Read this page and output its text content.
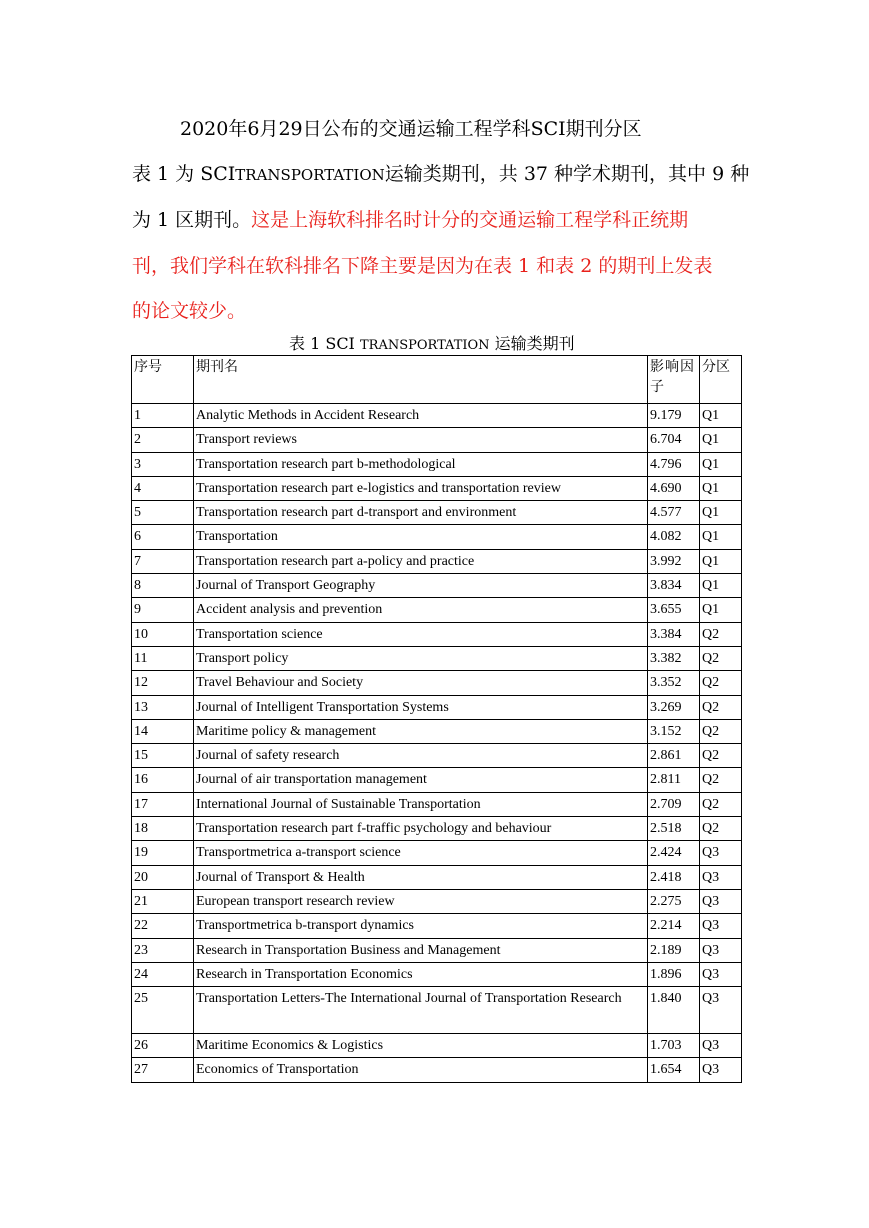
2020年6月29日公布的交通运输工程学科SCI期刊分区
表 1 为 SCITRANSPORTATION运输类期刊，共 37 种学术期刊，其中 9 种
为 1 区期刊。这是上海软科排名时计分的交通运输工程学科正统期
刊，我们学科在软科排名下降主要是因为在表 1 和表 2 的期刊上发表
的论文较少。
表 1 SCI TRANSPORTATION 运输类期刊
序号	期刊名	影响因子	分区
1	Analytic Methods in Accident Research	9.179	Q1
2	Transport reviews	6.704	Q1
3	Transportation research part b-methodological	4.796	Q1
4	Transportation research part e-logistics and transportation review	4.690	Q1
5	Transportation research part d-transport and environment	4.577	Q1
6	Transportation	4.082	Q1
7	Transportation research part a-policy and practice	3.992	Q1
8	Journal of Transport Geography	3.834	Q1
9	Accident analysis and prevention	3.655	Q1
10	Transportation science	3.384	Q2
11	Transport policy	3.382	Q2
12	Travel Behaviour and Society	3.352	Q2
13	Journal of Intelligent Transportation Systems	3.269	Q2
14	Maritime policy & management	3.152	Q2
15	Journal of safety research	2.861	Q2
16	Journal of air transportation management	2.811	Q2
17	International Journal of Sustainable Transportation	2.709	Q2
18	Transportation research part f-traffic psychology and behaviour	2.518	Q2
19	Transportmetrica a-transport science	2.424	Q3
20	Journal of Transport & Health	2.418	Q3
21	European transport research review	2.275	Q3
22	Transportmetrica b-transport dynamics	2.214	Q3
23	Research in Transportation Business and Management	2.189	Q3
24	Research in Transportation Economics	1.896	Q3
25	Transportation Letters-The International Journal of Transportation Research	1.840	Q3
26	Maritime Economics & Logistics	1.703	Q3
27	Economics of Transportation	1.654	Q3
